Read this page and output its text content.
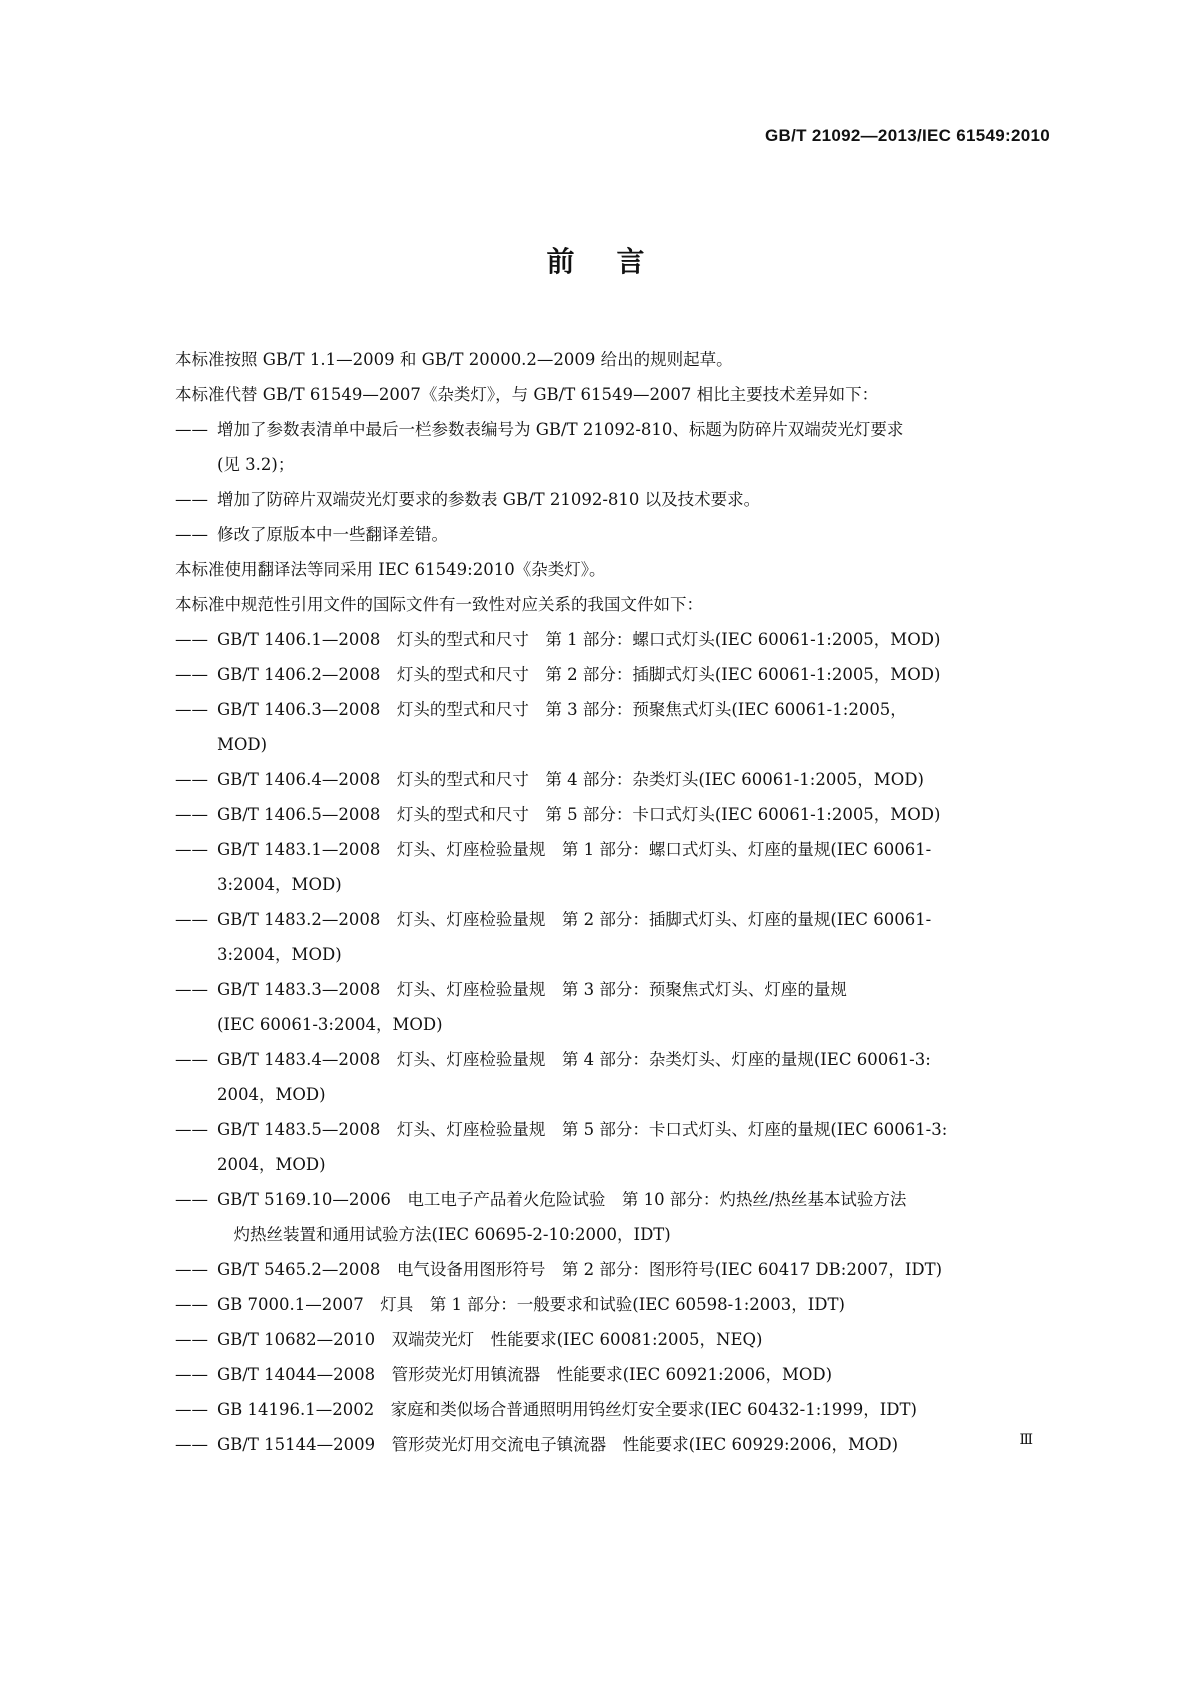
GB/T 21092—2013/IEC 61549:2010
前言
本标准按照 GB/T 1.1—2009 和 GB/T 20000.2—2009 给出的规则起草。
本标准代替 GB/T 61549—2007《杂类灯》，与 GB/T 61549—2007 相比主要技术差异如下：
—— 增加了参数表清单中最后一栏参数表编号为 GB/T 21092-810、标题为防碎片双端荧光灯要求
(见 3.2)；
—— 增加了防碎片双端荧光灯要求的参数表 GB/T 21092-810 以及技术要求。
—— 修改了原版本中一些翻译差错。
本标准使用翻译法等同采用 IEC 61549:2010《杂类灯》。
本标准中规范性引用文件的国际文件有一致性对应关系的我国文件如下：
—— GB/T 1406.1—2008　灯头的型式和尺寸　第 1 部分：螺口式灯头(IEC 60061-1:2005，MOD)
—— GB/T 1406.2—2008　灯头的型式和尺寸　第 2 部分：插脚式灯头(IEC 60061-1:2005，MOD)
—— GB/T 1406.3—2008　灯头的型式和尺寸　第 3 部分：预聚焦式灯头(IEC 60061-1:2005，
MOD)
—— GB/T 1406.4—2008　灯头的型式和尺寸　第 4 部分：杂类灯头(IEC 60061-1:2005，MOD)
—— GB/T 1406.5—2008　灯头的型式和尺寸　第 5 部分：卡口式灯头(IEC 60061-1:2005，MOD)
—— GB/T 1483.1—2008　灯头、灯座检验量规　第 1 部分：螺口式灯头、灯座的量规(IEC 60061-
3:2004，MOD)
—— GB/T 1483.2—2008　灯头、灯座检验量规　第 2 部分：插脚式灯头、灯座的量规(IEC 60061-
3:2004，MOD)
—— GB/T 1483.3—2008　灯头、灯座检验量规　第 3 部分：预聚焦式灯头、灯座的量规
(IEC 60061-3:2004，MOD)
—— GB/T 1483.4—2008　灯头、灯座检验量规　第 4 部分：杂类灯头、灯座的量规(IEC 60061-3:
2004，MOD)
—— GB/T 1483.5—2008　灯头、灯座检验量规　第 5 部分：卡口式灯头、灯座的量规(IEC 60061-3:
2004，MOD)
—— GB/T 5169.10—2006　电工电子产品着火危险试验　第 10 部分：灼热丝/热丝基本试验方法
　灼热丝装置和通用试验方法(IEC 60695-2-10:2000，IDT)
—— GB/T 5465.2—2008　电气设备用图形符号　第 2 部分：图形符号(IEC 60417 DB:2007，IDT)
—— GB 7000.1—2007　灯具　第 1 部分：一般要求和试验(IEC 60598-1:2003，IDT)
—— GB/T 10682—2010　双端荧光灯　性能要求(IEC 60081:2005，NEQ)
—— GB/T 14044—2008　管形荧光灯用镇流器　性能要求(IEC 60921:2006，MOD)
—— GB 14196.1—2002　家庭和类似场合普通照明用钨丝灯安全要求(IEC 60432-1:1999，IDT)
—— GB/T 15144—2009　管形荧光灯用交流电子镇流器　性能要求(IEC 60929:2006，MOD)	Ⅲ
